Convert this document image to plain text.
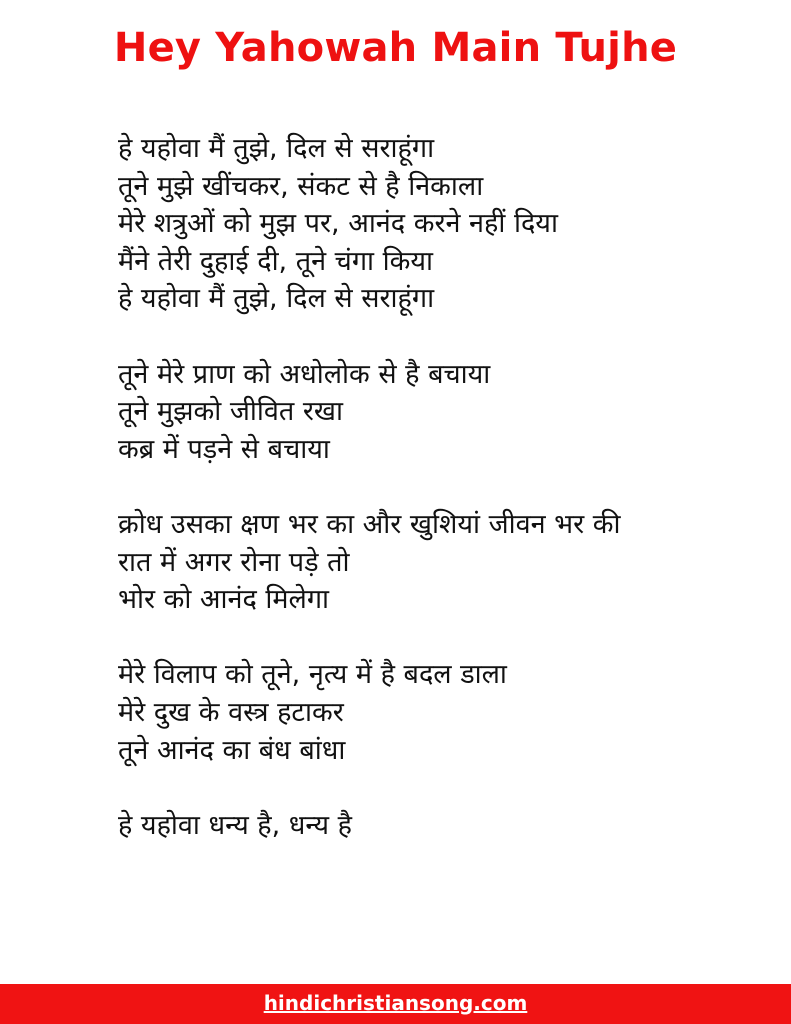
Hey Yahowah Main Tujhe
हे यहोवा मैं तुझे, दिल से सराहूंगा
तूने मुझे खींचकर, संकट से है निकाला
मेरे शत्रुओं को मुझ पर, आनंद करने नहीं दिया
मैंने तेरी दुहाई दी, तूने चंगा किया
हे यहोवा मैं तुझे, दिल से सराहूंगा
तूने मेरे प्राण को अधोलोक से है बचाया
तूने मुझको जीवित रखा
कब्र में पड़ने से बचाया
क्रोध उसका क्षण भर का और खुशियां जीवन भर की
रात में अगर रोना पड़े तो
भोर को आनंद मिलेगा
मेरे विलाप को तूने, नृत्य में है बदल डाला
मेरे दुख के वस्त्र हटाकर
तूने आनंद का बंध बांधा
हे यहोवा धन्य है, धन्य है
hindichristiansong.com
